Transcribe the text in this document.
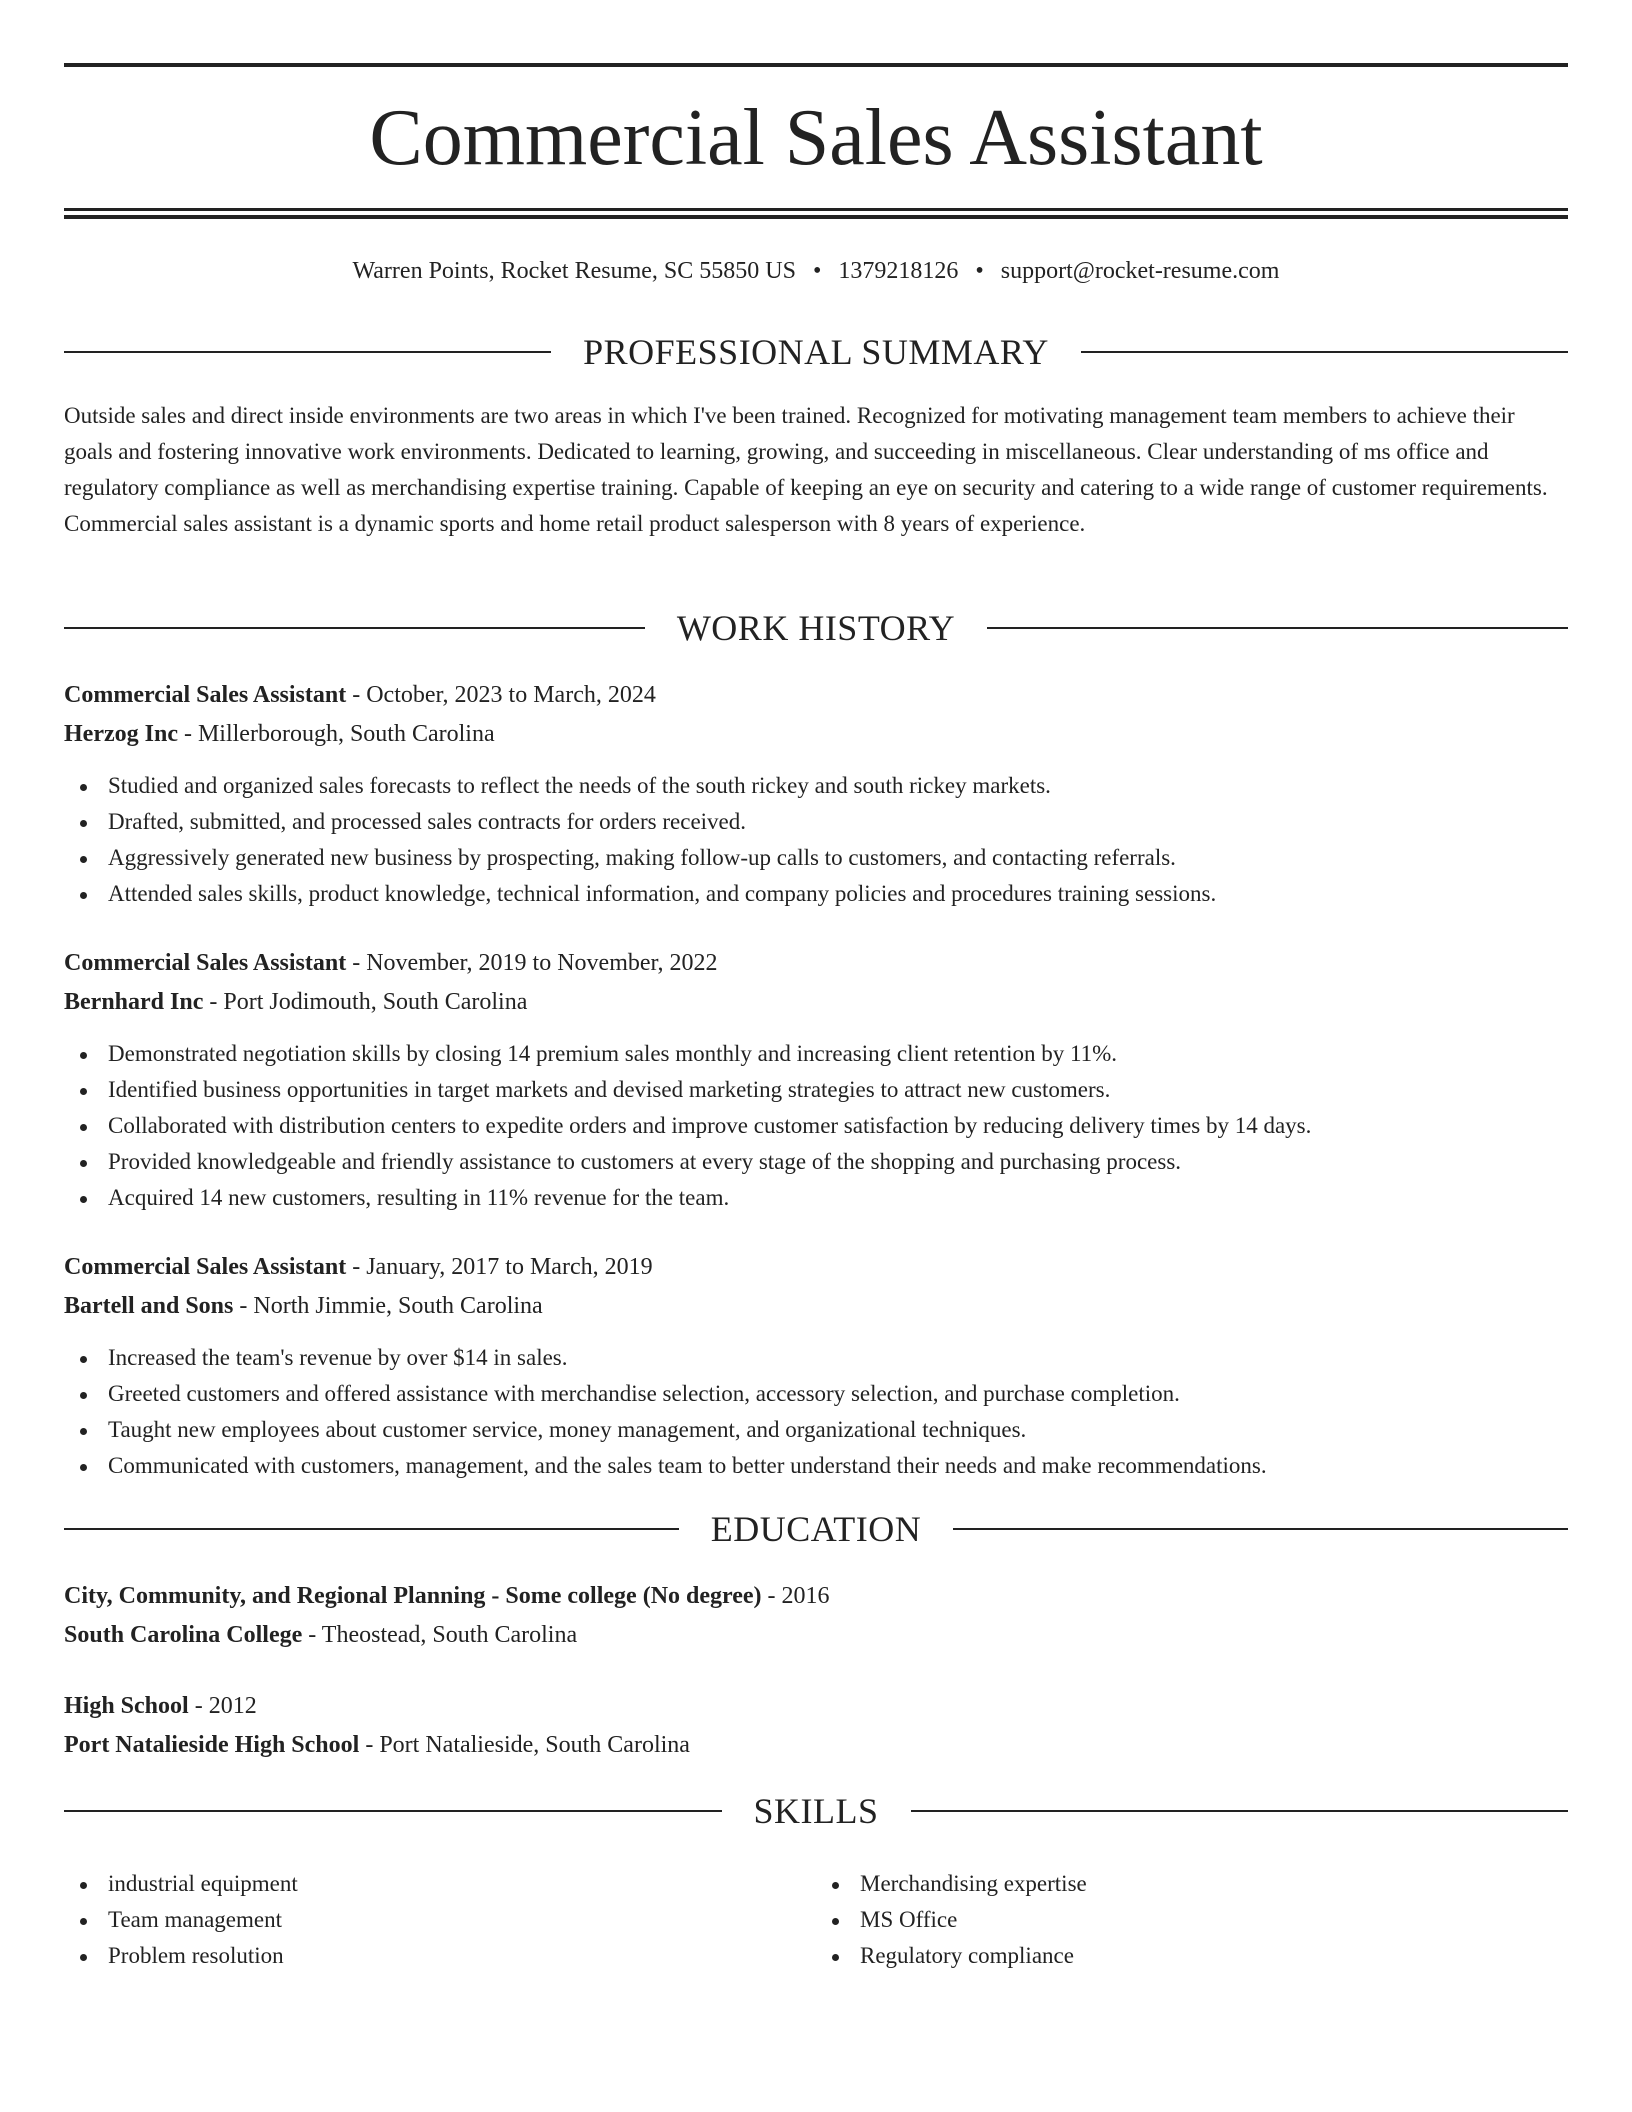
Commercial Sales Assistant
Warren Points, Rocket Resume, SC 55850 US • 1379218126 • support@rocket-resume.com
PROFESSIONAL SUMMARY

Outside sales and direct inside environments are two areas in which I've been trained. Recognized for motivating management team members to achieve their goals and fostering innovative work environments. Dedicated to learning, growing, and succeeding in miscellaneous. Clear understanding of ms office and regulatory compliance as well as merchandising expertise training. Capable of keeping an eye on security and catering to a wide range of customer requirements. Commercial sales assistant is a dynamic sports and home retail product salesperson with 8 years of experience.

WORK HISTORY
Commercial Sales Assistant - October, 2023 to March, 2024
Herzog Inc - Millerborough, South Carolina
Studied and organized sales forecasts to reflect the needs of the south rickey and south rickey markets.
Drafted, submitted, and processed sales contracts for orders received.
Aggressively generated new business by prospecting, making follow-up calls to customers, and contacting referrals.
Attended sales skills, product knowledge, technical information, and company policies and procedures training sessions.
Commercial Sales Assistant - November, 2019 to November, 2022
Bernhard Inc - Port Jodimouth, South Carolina
Demonstrated negotiation skills by closing 14 premium sales monthly and increasing client retention by 11%.
Identified business opportunities in target markets and devised marketing strategies to attract new customers.
Collaborated with distribution centers to expedite orders and improve customer satisfaction by reducing delivery times by 14 days.
Provided knowledgeable and friendly assistance to customers at every stage of the shopping and purchasing process.
Acquired 14 new customers, resulting in 11% revenue for the team.
Commercial Sales Assistant - January, 2017 to March, 2019
Bartell and Sons - North Jimmie, South Carolina
Increased the team's revenue by over $14 in sales.
Greeted customers and offered assistance with merchandise selection, accessory selection, and purchase completion.
Taught new employees about customer service, money management, and organizational techniques.
Communicated with customers, management, and the sales team to better understand their needs and make recommendations.
EDUCATION
City, Community, and Regional Planning - Some college (No degree) - 2016
South Carolina College - Theostead, South Carolina
High School - 2012
Port Natalieside High School - Port Natalieside, South Carolina
SKILLS
industrial equipment
Team management
Problem resolution
Merchandising expertise
MS Office
Regulatory compliance
